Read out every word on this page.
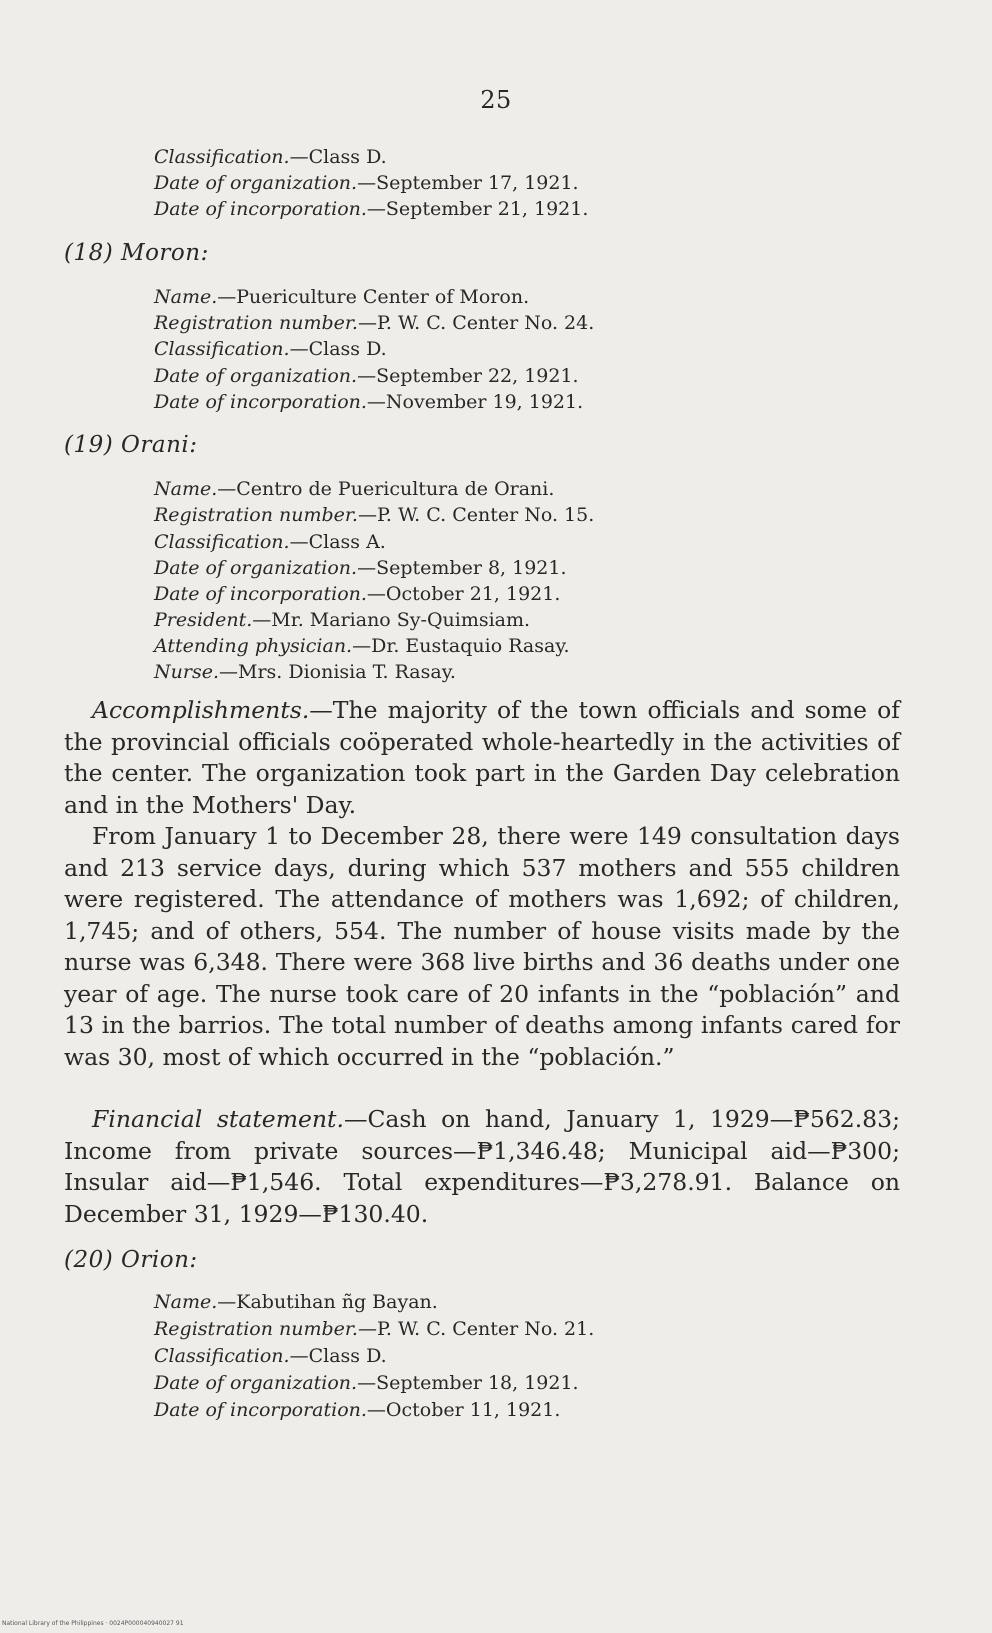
25
Classification.—Class D.
Date of organization.—September 17, 1921.
Date of incorporation.—September 21, 1921.
(18) Moron:
Name.—Puericulture Center of Moron.
Registration number.—P. W. C. Center No. 24.
Classification.—Class D.
Date of organization.—September 22, 1921.
Date of incorporation.—November 19, 1921.
(19) Orani:
Name.—Centro de Puericultura de Orani.
Registration number.—P. W. C. Center No. 15.
Classification.—Class A.
Date of organization.—September 8, 1921.
Date of incorporation.—October 21, 1921.
President.—Mr. Mariano Sy-Quimsiam.
Attending physician.—Dr. Eustaquio Rasay.
Nurse.—Mrs. Dionisia T. Rasay.

Accomplishments.—The majority of the town officials and some of the provincial officials coöperated whole-heartedly in the activities of the center. The organization took part in the Garden Day celebration and in the Mothers' Day.

From January 1 to December 28, there were 149 consultation days and 213 service days, during which 537 mothers and 555 children were registered. The attendance of mothers was 1,692; of children, 1,745; and of others, 554. The number of house visits made by the nurse was 6,348. There were 368 live births and 36 deaths under one year of age. The nurse took care of 20 infants in the “población” and 13 in the barrios. The total number of deaths among infants cared for was 30, most of which occurred in the “población.”

Financial statement.—Cash on hand, January 1, 1929—₱562.83; Income from private sources—₱1,346.48; Municipal aid—₱300; Insular aid—₱1,546. Total expenditures—₱3,278.91. Balance on December 31, 1929—₱130.40.

(20) Orion:
Name.—Kabutihan ñg Bayan.
Registration number.—P. W. C. Center No. 21.
Classification.—Class D.
Date of organization.—September 18, 1921.
Date of incorporation.—October 11, 1921.
National Library of the Philippines · 0024P000040940027 91
